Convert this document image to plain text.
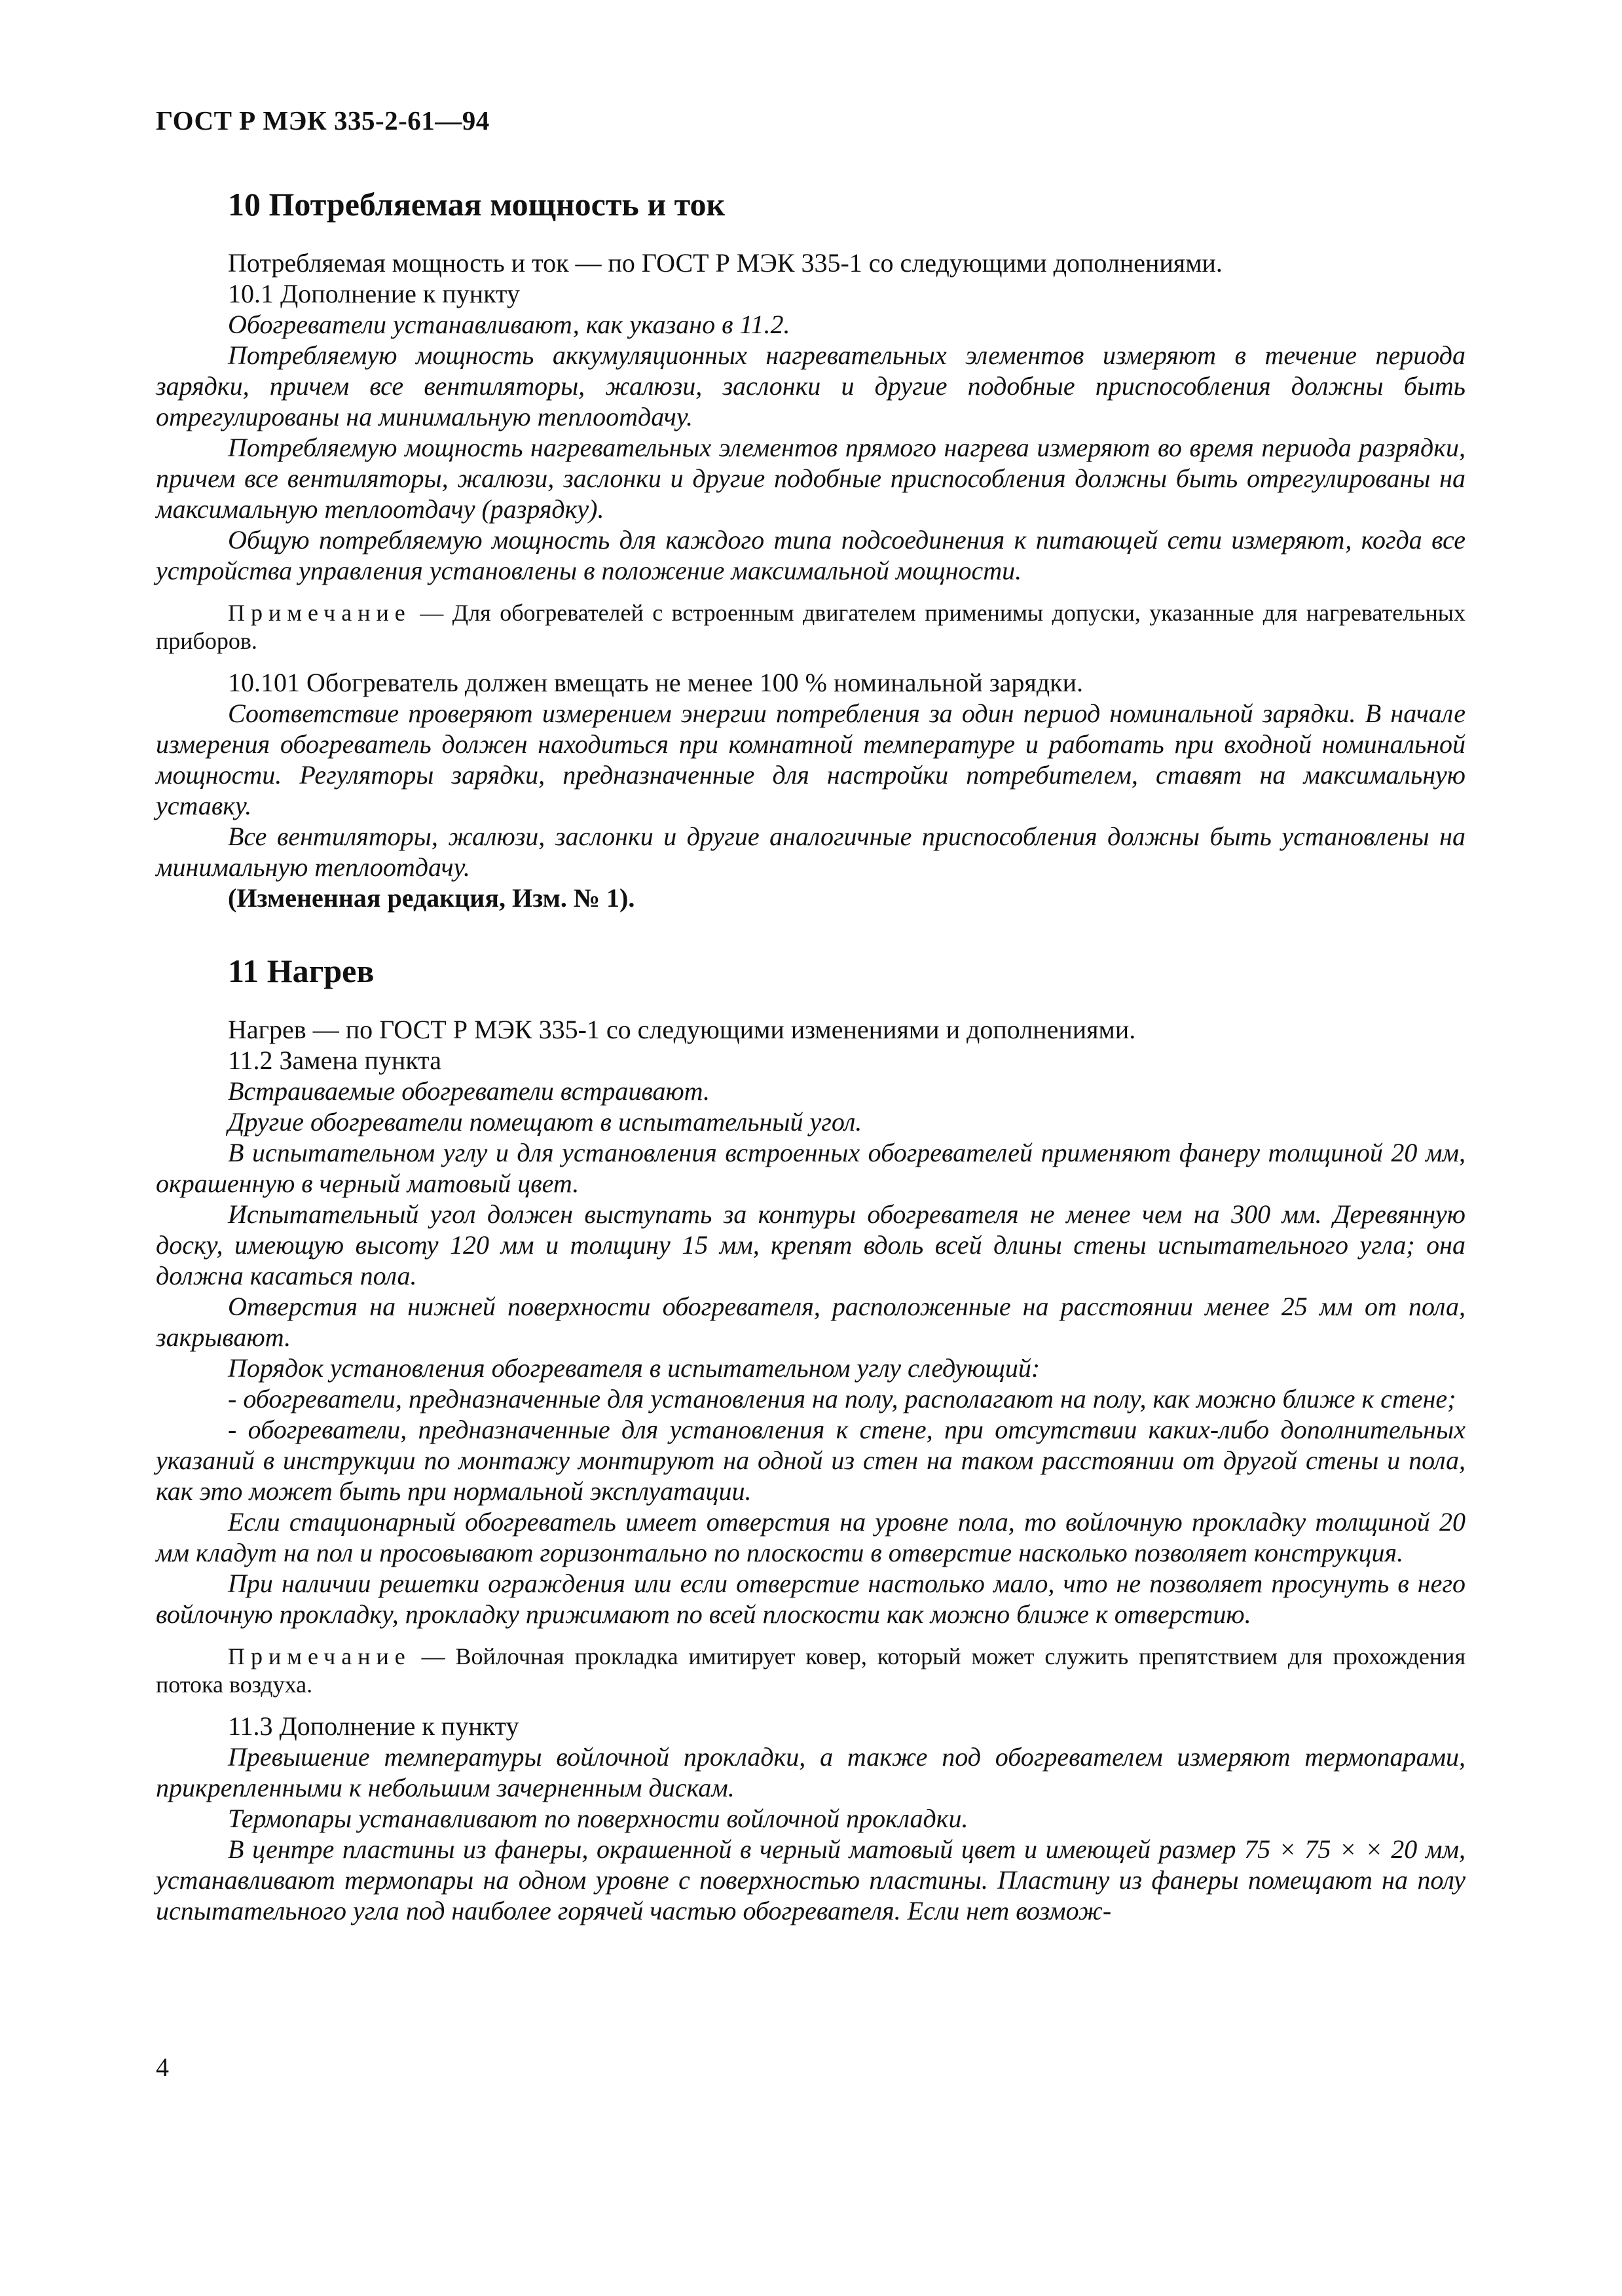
ГОСТ Р МЭК 335-2-61—94
10 Потребляемая мощность и ток

Потребляемая мощность и ток — по ГОСТ Р МЭК 335-1 со следующими дополнениями.

10.1 Дополнение к пункту

Обогреватели устанавливают, как указано в 11.2.

Потребляемую мощность аккумуляционных нагревательных элементов измеряют в течение периода зарядки, причем все вентиляторы, жалюзи, заслонки и другие подобные приспособления должны быть отрегулированы на минимальную теплоотдачу.

Потребляемую мощность нагревательных элементов прямого нагрева измеряют во время периода разрядки, причем все вентиляторы, жалюзи, заслонки и другие подобные приспособления должны быть отрегулированы на максимальную теплоотдачу (разрядку).

Общую потребляемую мощность для каждого типа подсоединения к питающей сети измеряют, когда все устройства управления установлены в положение максимальной мощности.

Примечание — Для обогревателей с встроенным двигателем применимы допуски, указанные для нагревательных приборов.

10.101 Обогреватель должен вмещать не менее 100 % номинальной зарядки.

Соответствие проверяют измерением энергии потребления за один период номинальной зарядки. В начале измерения обогреватель должен находиться при комнатной температуре и работать при входной номинальной мощности. Регуляторы зарядки, предназначенные для настройки потребителем, ставят на максимальную уставку.

Все вентиляторы, жалюзи, заслонки и другие аналогичные приспособления должны быть установлены на минимальную теплоотдачу.

(Измененная редакция, Изм. № 1).

11 Нагрев

Нагрев — по ГОСТ Р МЭК 335-1 со следующими изменениями и дополнениями.

11.2 Замена пункта

Встраиваемые обогреватели встраивают.

Другие обогреватели помещают в испытательный угол.

В испытательном углу и для установления встроенных обогревателей применяют фанеру толщиной 20 мм, окрашенную в черный матовый цвет.

Испытательный угол должен выступать за контуры обогревателя не менее чем на 300 мм. Деревянную доску, имеющую высоту 120 мм и толщину 15 мм, крепят вдоль всей длины стены испытательного угла; она должна касаться пола.

Отверстия на нижней поверхности обогревателя, расположенные на расстоянии менее 25 мм от пола, закрывают.

Порядок установления обогревателя в испытательном углу следующий:

- обогреватели, предназначенные для установления на полу, располагают на полу, как можно ближе к стене;

- обогреватели, предназначенные для установления к стене, при отсутствии каких-либо дополнительных указаний в инструкции по монтажу монтируют на одной из стен на таком расстоянии от другой стены и пола, как это может быть при нормальной эксплуатации.

Если стационарный обогреватель имеет отверстия на уровне пола, то войлочную прокладку толщиной 20 мм кладут на пол и просовывают горизонтально по плоскости в отверстие насколько позволяет конструкция.

При наличии решетки ограждения или если отверстие настолько мало, что не позволяет просунуть в него войлочную прокладку, прокладку прижимают по всей плоскости как можно ближе к отверстию.

Примечание — Войлочная прокладка имитирует ковер, который может служить препятствием для прохождения потока воздуха.

11.3 Дополнение к пункту

Превышение температуры войлочной прокладки, а также под обогревателем измеряют термопарами, прикрепленными к небольшим зачерненным дискам.

Термопары устанавливают по поверхности войлочной прокладки.

В центре пластины из фанеры, окрашенной в черный матовый цвет и имеющей размер 75 × 75 × × 20 мм, устанавливают термопары на одном уровне с поверхностью пластины. Пластину из фанеры помещают на полу испытательного угла под наиболее горячей частью обогревателя. Если нет возмож-

4
